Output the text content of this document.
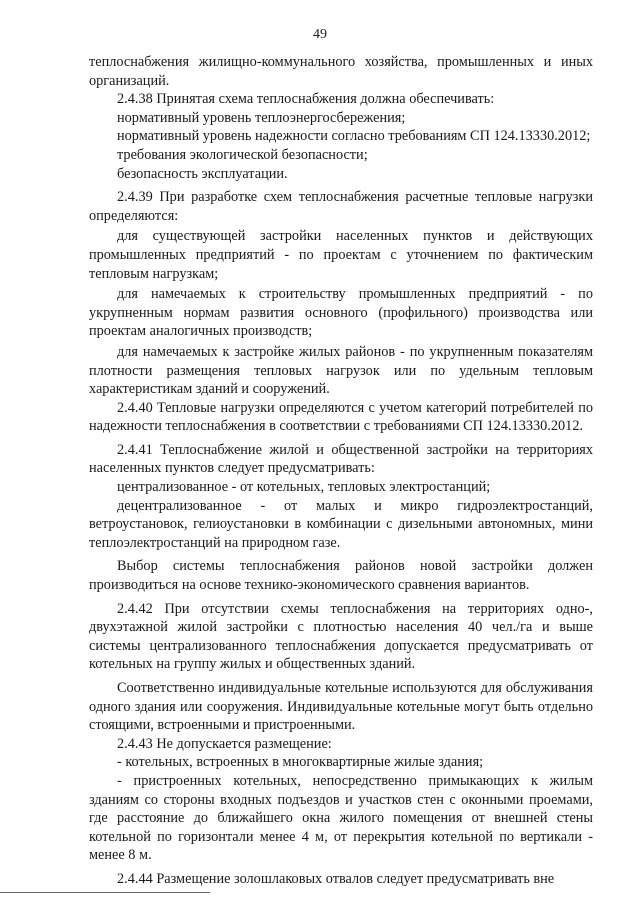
49

теплоснабжения жилищно-коммунального хозяйства, промышленных и иных организаций.

2.4.38 Принятая схема теплоснабжения должна обеспечивать:

нормативный уровень теплоэнергосбережения;

нормативный уровень надежности согласно требованиям СП 124.13330.2012;

требования экологической безопасности;

безопасность эксплуатации.

2.4.39 При разработке схем теплоснабжения расчетные тепловые нагрузки определяются:

для существующей застройки населенных пунктов и действующих промышленных предприятий - по проектам с уточнением по фактическим тепловым нагрузкам;

для намечаемых к строительству промышленных предприятий - по укрупненным нормам развития основного (профильного) производства или проектам аналогичных производств;

для намечаемых к застройке жилых районов - по укрупненным показателям плотности размещения тепловых нагрузок или по удельным тепловым характеристикам зданий и сооружений.

2.4.40 Тепловые нагрузки определяются с учетом категорий потребителей по надежности теплоснабжения в соответствии с требованиями СП 124.13330.2012.

2.4.41 Теплоснабжение жилой и общественной застройки на территориях населенных пунктов следует предусматривать:

централизованное - от котельных, тепловых электростанций;

децентрализованное - от малых и микро гидроэлектростанций, ветроустановок, гелиоустановки в комбинации с дизельными автономных, мини теплоэлектростанций на природном газе.

Выбор системы теплоснабжения районов новой застройки должен производиться на основе технико-экономического сравнения вариантов.

2.4.42 При отсутствии схемы теплоснабжения на территориях одно-, двухэтажной жилой застройки с плотностью населения 40 чел./га и выше системы централизованного теплоснабжения допускается предусматривать от котельных на группу жилых и общественных зданий.

Соответственно индивидуальные котельные используются для обслуживания одного здания или сооружения. Индивидуальные котельные могут быть отдельно стоящими, встроенными и пристроенными.

2.4.43 Не допускается размещение:

- котельных, встроенных в многоквартирные жилые здания;

- пристроенных котельных, непосредственно примыкающих к жилым зданиям со стороны входных подъездов и участков стен с оконными проемами, где расстояние до ближайшего окна жилого помещения от внешней стены котельной по горизонтали менее 4 м, от перекрытия котельной по вертикали - менее 8 м.

2.4.44 Размещение золошлаковых отвалов следует предусматривать вне
